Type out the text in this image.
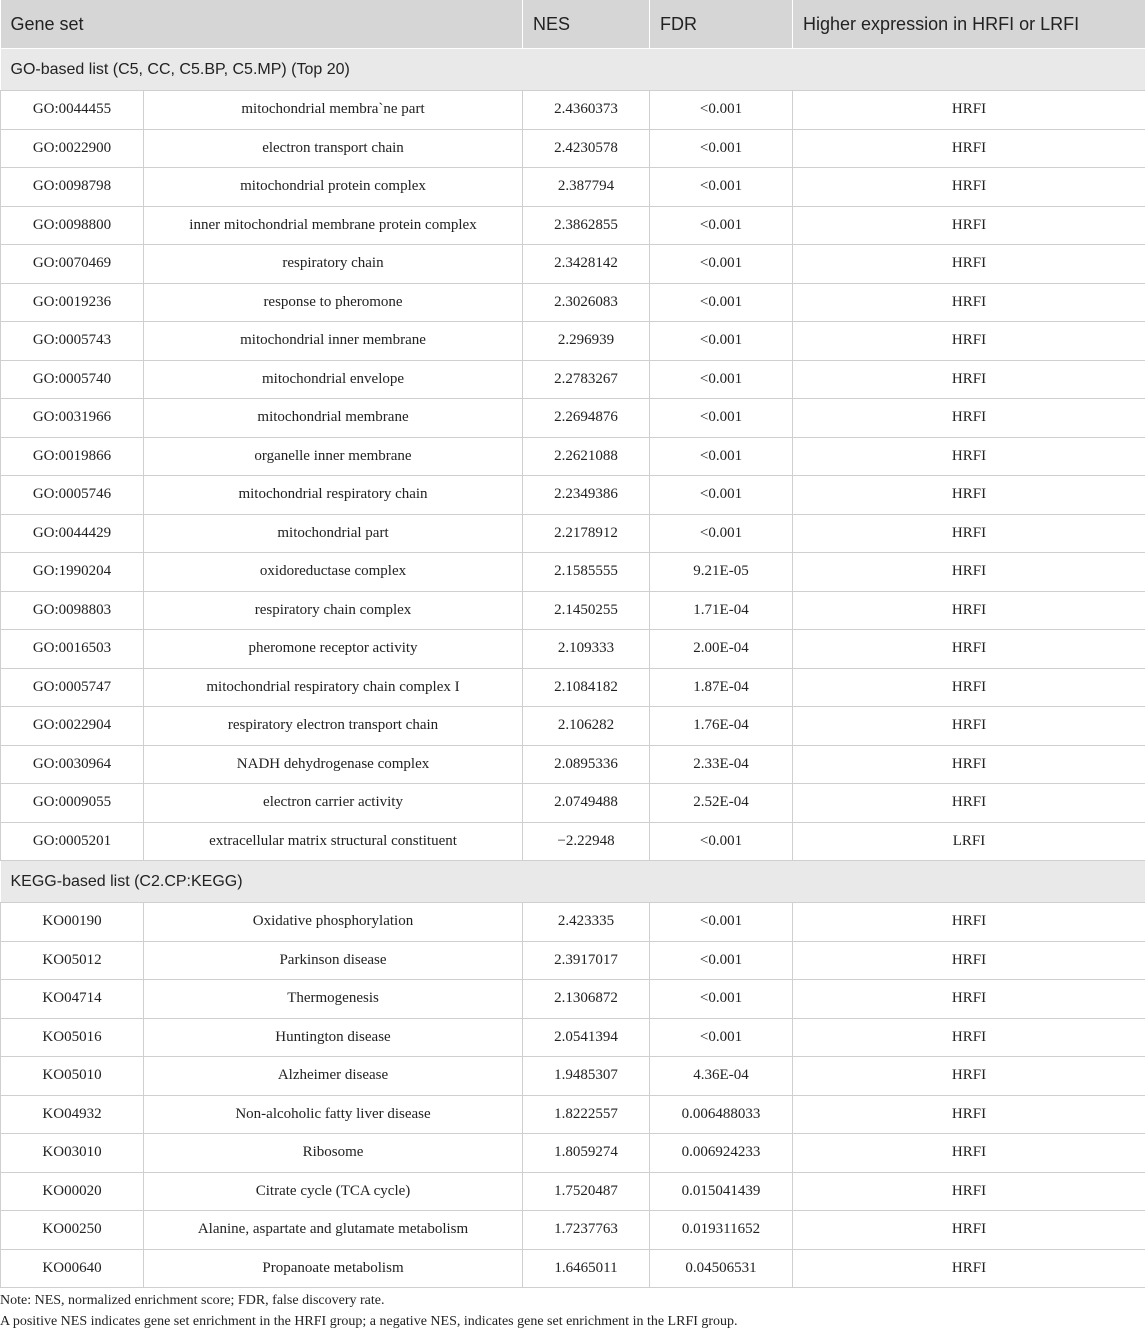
Gene set		NES	FDR	Higher expression in HRFI or LRFI
GO-based list (C5, CC, C5.BP, C5.MP) (Top 20)				
GO:0044455	mitochondrial membra`ne part	2.4360373	<0.001	HRFI
GO:0022900	electron transport chain	2.4230578	<0.001	HRFI
GO:0098798	mitochondrial protein complex	2.387794	<0.001	HRFI
GO:0098800	inner mitochondrial membrane protein complex	2.3862855	<0.001	HRFI
GO:0070469	respiratory chain	2.3428142	<0.001	HRFI
GO:0019236	response to pheromone	2.3026083	<0.001	HRFI
GO:0005743	mitochondrial inner membrane	2.296939	<0.001	HRFI
GO:0005740	mitochondrial envelope	2.2783267	<0.001	HRFI
GO:0031966	mitochondrial membrane	2.2694876	<0.001	HRFI
GO:0019866	organelle inner membrane	2.2621088	<0.001	HRFI
GO:0005746	mitochondrial respiratory chain	2.2349386	<0.001	HRFI
GO:0044429	mitochondrial part	2.2178912	<0.001	HRFI
GO:1990204	oxidoreductase complex	2.1585555	9.21E-05	HRFI
GO:0098803	respiratory chain complex	2.1450255	1.71E-04	HRFI
GO:0016503	pheromone receptor activity	2.109333	2.00E-04	HRFI
GO:0005747	mitochondrial respiratory chain complex I	2.1084182	1.87E-04	HRFI
GO:0022904	respiratory electron transport chain	2.106282	1.76E-04	HRFI
GO:0030964	NADH dehydrogenase complex	2.0895336	2.33E-04	HRFI
GO:0009055	electron carrier activity	2.0749488	2.52E-04	HRFI
GO:0005201	extracellular matrix structural constituent	−2.22948	<0.001	LRFI
KEGG-based list (C2.CP:KEGG)				
KO00190	Oxidative phosphorylation	2.423335	<0.001	HRFI
KO05012	Parkinson disease	2.3917017	<0.001	HRFI
KO04714	Thermogenesis	2.1306872	<0.001	HRFI
KO05016	Huntington disease	2.0541394	<0.001	HRFI
KO05010	Alzheimer disease	1.9485307	4.36E-04	HRFI
KO04932	Non-alcoholic fatty liver disease	1.8222557	0.006488033	HRFI
KO03010	Ribosome	1.8059274	0.006924233	HRFI
KO00020	Citrate cycle (TCA cycle)	1.7520487	0.015041439	HRFI
KO00250	Alanine, aspartate and glutamate metabolism	1.7237763	0.019311652	HRFI
KO00640	Propanoate metabolism	1.6465011	0.04506531	HRFI
Note: NES, normalized enrichment score; FDR, false discovery rate.
A positive NES indicates gene set enrichment in the HRFI group; a negative NES, indicates gene set enrichment in the LRFI group.
